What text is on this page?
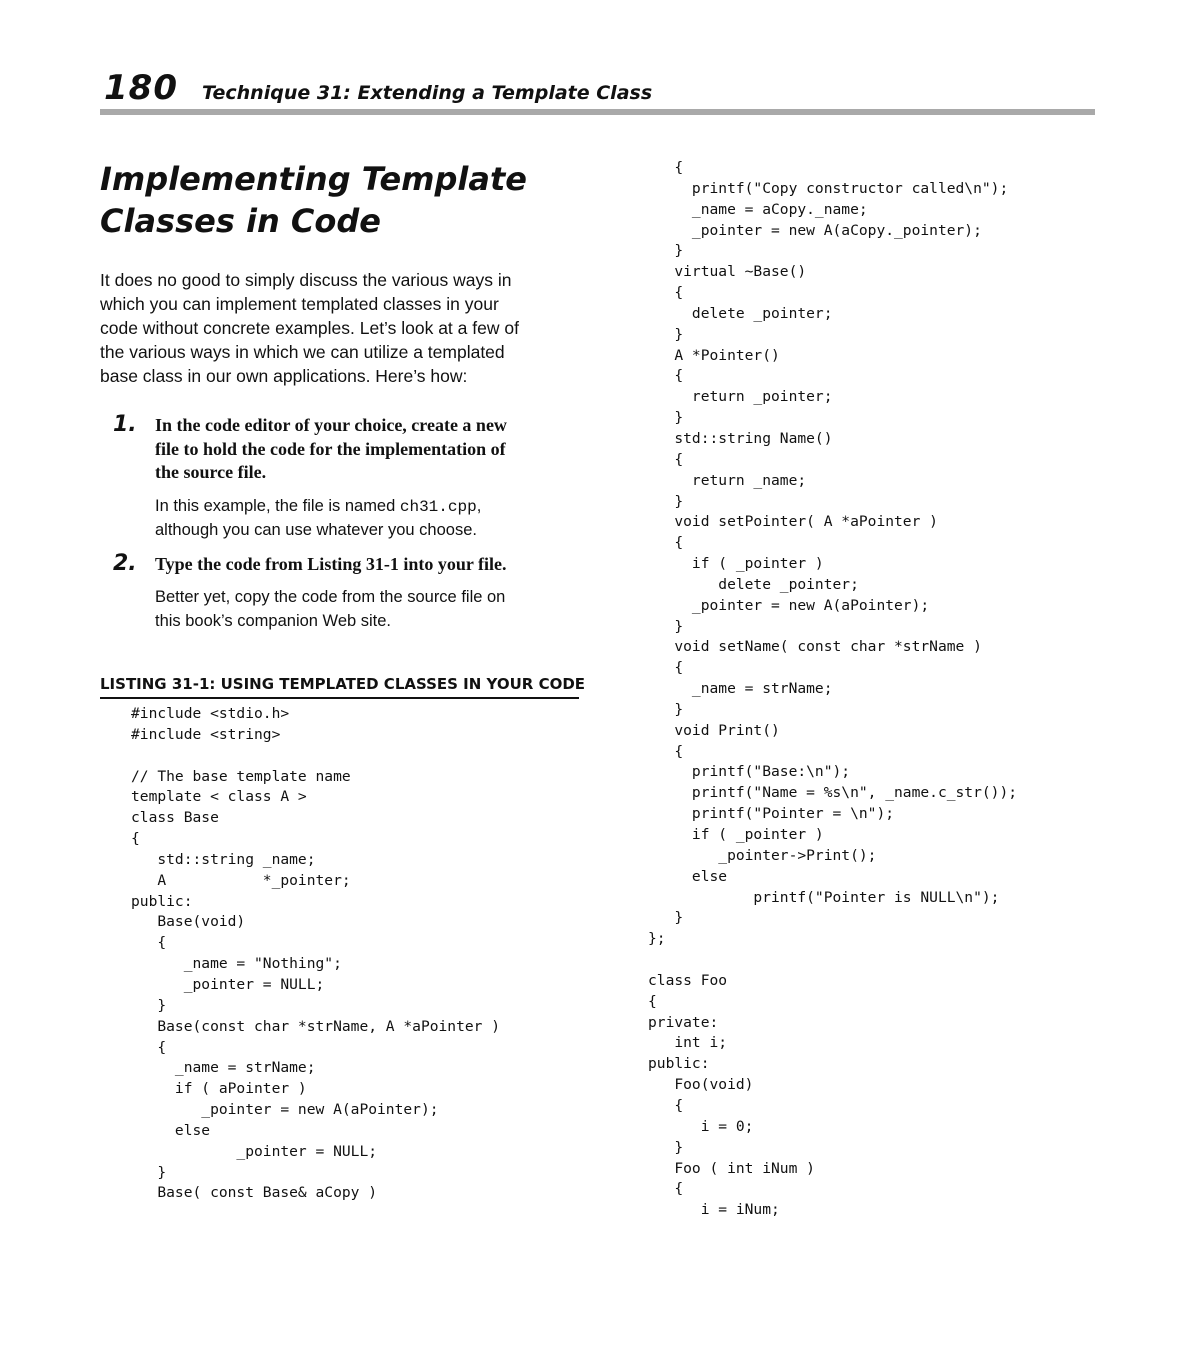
180 Technique 31: Extending a Template Class
Implementing Template
Classes in Code

It does no good to simply discuss the various ways in
which you can implement templated classes in your
code without concrete examples. Let’s look at a few of
the various ways in which we can utilize a templated
base class in our own applications. Here’s how:

1. In the code editor of your choice, create a new
file to hold the code for the implementation of
the source file.
In this example, the file is named ch31.cpp,
although you can use whatever you choose.
2. Type the code from Listing 31-1 into your file.
Better yet, copy the code from the source file on
this book’s companion Web site.
LISTING 31-1: USING TEMPLATED CLASSES IN YOUR CODE
#include <stdio.h>
#include <string>

// The base template name
template < class A >
class Base
{
std::string _name;
A           *_pointer;
public:
Base(void)
{
_name = "Nothing";
_pointer = NULL;
}
Base(const char *strName, A *aPointer )
{
_name = strName;
if ( aPointer )
_pointer = new A(aPointer);
else
_pointer = NULL;
}
Base( const Base& aCopy )
{
printf("Copy constructor called\n");
_name = aCopy._name;
_pointer = new A(aCopy._pointer);
}
virtual ~Base()
{
delete _pointer;
}
A *Pointer()
{
return _pointer;
}
std::string Name()
{
return _name;
}
void setPointer( A *aPointer )
{
if ( _pointer )
delete _pointer;
_pointer = new A(aPointer);
}
void setName( const char *strName )
{
_name = strName;
}
void Print()
{
printf("Base:\n");
printf("Name = %s\n", _name.c_str());
printf("Pointer = \n");
if ( _pointer )
_pointer->Print();
else
printf("Pointer is NULL\n");
}
};

class Foo
{
private:
int i;
public:
Foo(void)
{
i = 0;
}
Foo ( int iNum )
{
i = iNum;
